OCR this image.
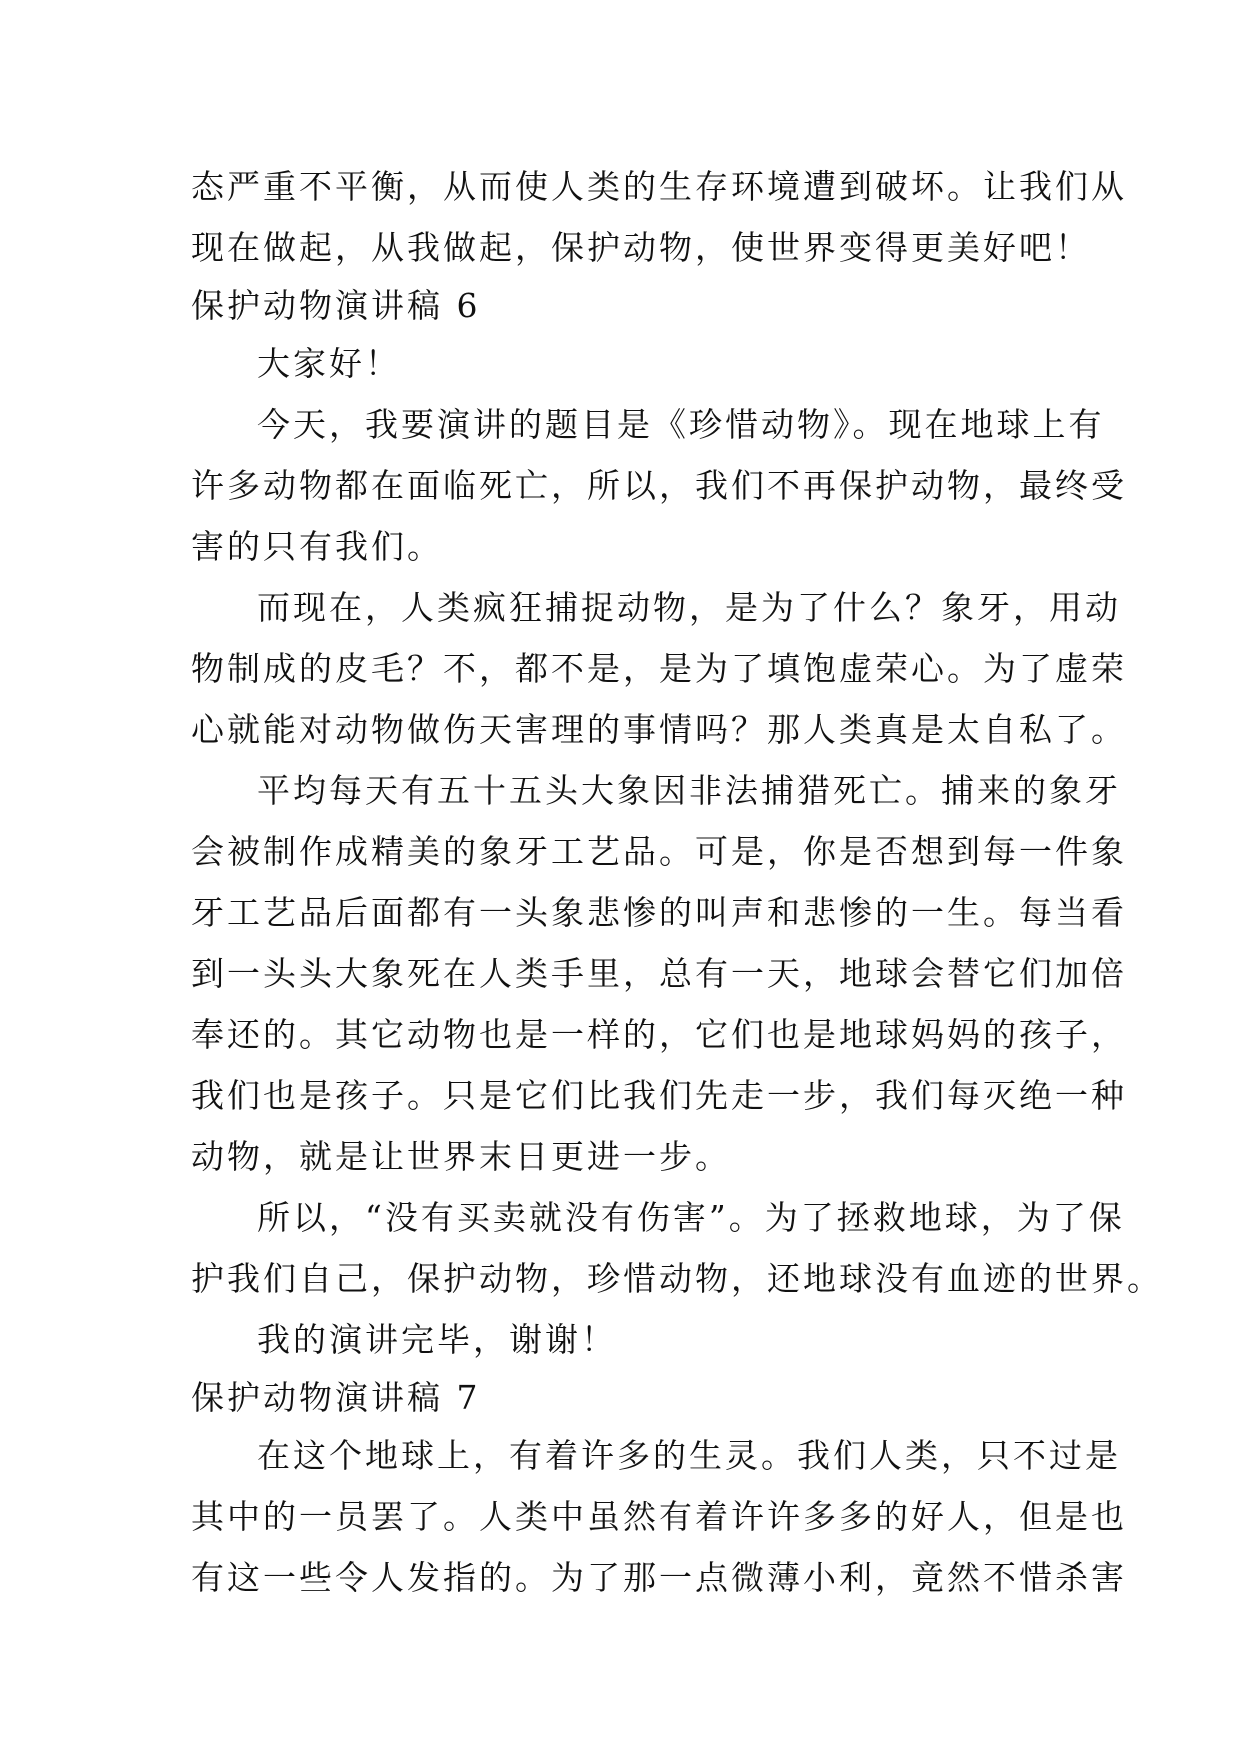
态严重不平衡，从而使人类的生存环境遭到破坏。让我们从
现在做起，从我做起，保护动物，使世界变得更美好吧！
保护动物演讲稿 6
大家好！
今天，我要演讲的题目是《珍惜动物》。现在地球上有
许多动物都在面临死亡，所以，我们不再保护动物，最终受
害的只有我们。
而现在，人类疯狂捕捉动物，是为了什么？象牙，用动
物制成的皮毛？不，都不是，是为了填饱虚荣心。为了虚荣
心就能对动物做伤天害理的事情吗？那人类真是太自私了。
平均每天有五十五头大象因非法捕猎死亡。捕来的象牙
会被制作成精美的象牙工艺品。可是，你是否想到每一件象
牙工艺品后面都有一头象悲惨的叫声和悲惨的一生。每当看
到一头头大象死在人类手里，总有一天，地球会替它们加倍
奉还的。其它动物也是一样的，它们也是地球妈妈的孩子，
我们也是孩子。只是它们比我们先走一步，我们每灭绝一种
动物，就是让世界末日更进一步。
所以，“没有买卖就没有伤害”。为了拯救地球，为了保
护我们自己，保护动物，珍惜动物，还地球没有血迹的世界。
我的演讲完毕，谢谢！
保护动物演讲稿 7
在这个地球上，有着许多的生灵。我们人类，只不过是
其中的一员罢了。人类中虽然有着许许多多的好人，但是也
有这一些令人发指的。为了那一点微薄小利，竟然不惜杀害
